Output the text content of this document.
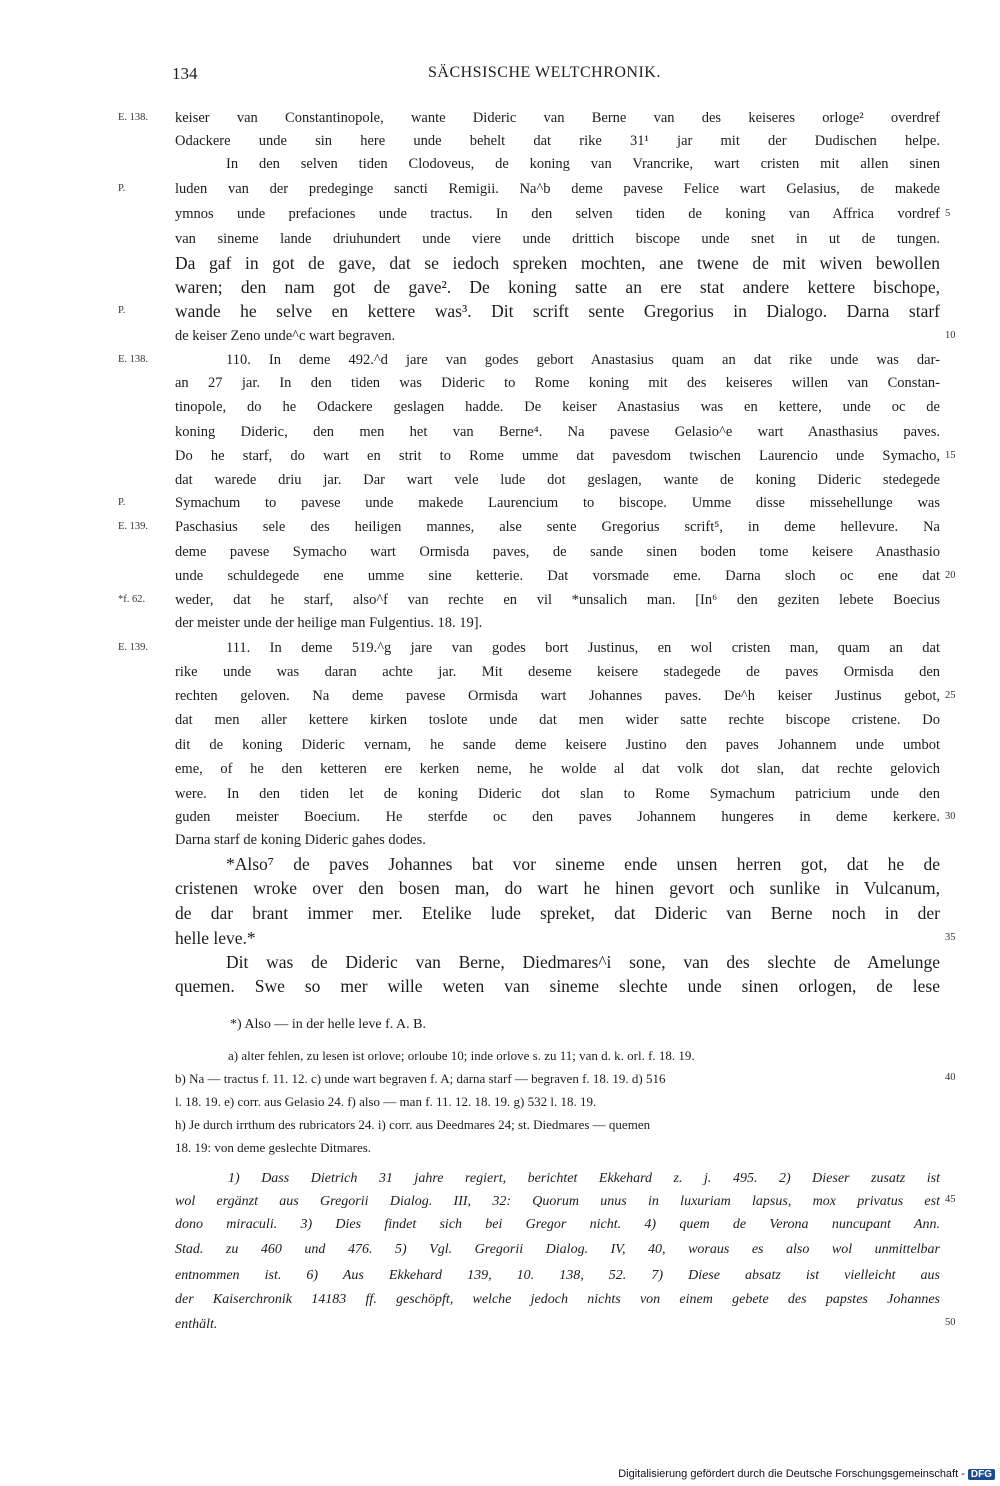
134	SÄCHSISCHE WELTCHRONIK.
E. 138.	keiser van Constantinopole, wante Dideric van Berne van des keiseres orloge² overdref
Odackere unde sin here unde behelt dat rike 31¹ jar mit der Dudischen helpe.
In den selven tiden Clodoveus, de koning van Vrancrike, wart cristen mit allen sinen
P.	luden van der predeginge sancti Remigii. Na^b deme pavese Felice wart Gelasius, de makede
ymnos unde prefaciones unde tractus. In den selven tiden de koning van Affrica vordref 5
van sineme lande driuhundert unde viere unde drittich biscope unde snet in ut de tungen.
Da gaf in got de gave, dat se iedoch spreken mochten, ane twene de mit wiven bewollen
waren; den nam got de gave². De koning satte an ere stat andere kettere bischope,
P.	wande he selve en kettere was³. Dit scrift sente Gregorius in Dialogo. Darna starf
de keiser Zeno unde^c wart begraven.	10
E. 138.	110. In deme 492.^d jare van godes gebort Anastasius quam an dat rike unde was dar-
an 27 jar. In den tiden was Dideric to Rome koning mit des keiseres willen van Constan-
tinopole, do he Odackere geslagen hadde. De keiser Anastasius was en kettere, unde oc de
koning Dideric, den men het van Berne⁴. Na pavese Gelasio^e wart Anasthasius paves.
Do he starf, do wart en strit to Rome umme dat pavesdom twischen Laurencio unde Symacho, 15
dat warede driu jar. Dar wart vele lude dot geslagen, wante de koning Dideric stedegede
P.	Symachum to pavese unde makede Laurencium to biscope. Umme disse missehellunge was
E. 139.	Paschasius sele des heiligen mannes, alse sente Gregorius scrift⁵, in deme hellevure. Na
deme pavese Symacho wart Ormisda paves, de sande sinen boden tome keisere Anasthasio
unde schuldegede ene umme sine ketterie. Dat vorsmade eme. Darna sloch oc ene dat 20
*f. 62.	weder, dat he starf, also^f van rechte en vil *unsalich man. [In⁶ den geziten lebete Boecius
der meister unde der heilige man Fulgentius. 18. 19].
E. 139.	111. In deme 519.^g jare van godes bort Justinus, en wol cristen man, quam an dat
rike unde was daran achte jar. Mit deseme keisere stadegede de paves Ormisda den
rechten geloven. Na deme pavese Ormisda wart Johannes paves. De^h keiser Justinus gebot, 25
dat men aller kettere kirken toslote unde dat men wider satte rechte biscope cristene. Do
dit de koning Dideric vernam, he sande deme keisere Justino den paves Johannem unde umbot
eme, of he den ketteren ere kerken neme, he wolde al dat volk dot slan, dat rechte gelovich
were. In den tiden let de koning Dideric dot slan to Rome Symachum patricium unde den
guden meister Boecium. He sterfde oc den paves Johannem hungeres in deme kerkere. 30
Darna starf de koning Dideric gahes dodes.
*Also⁷ de paves Johannes bat vor sineme ende unsen herren got, dat he de
cristenen wroke over den bosen man, do wart he hinen gevort och sunlike in Vulcanum,
de dar brant immer mer. Etelike lude spreket, dat Dideric van Berne noch in der
helle leve.*	35
Dit was de Dideric van Berne, Diedmares^i sone, van des slechte de Amelunge
quemen. Swe so mer wille weten van sineme slechte unde sinen orlogen, de lese
*) Also — in der helle leve f. A. B.
a) alter fehlen, zu lesen ist orlove; orloube 10; inde orlove s. zu 11; van d. k. orl. f. 18. 19.
b) Na — tractus f. 11. 12. c) unde wart begraven f. A; darna starf — begraven f. 18. 19. d) 516	40
l. 18. 19. e) corr. aus Gelasio 24. f) also — man f. 11. 12. 18. 19. g) 532 l. 18. 19.
h) Je durch irrthum des rubricators 24. i) corr. aus Deedmares 24; st. Diedmares — quemen
18. 19: von deme geslechte Ditmares.
1) Dass Dietrich 31 jahre regiert, berichtet Ekkehard z. j. 495. 2) Dieser zusatz ist
wol ergänzt aus Gregorii Dialog. III, 32: Quorum unus in luxuriam lapsus, mox privatus est 45
dono miraculi. 3) Dies findet sich bei Gregor nicht. 4) quem de Verona nuncupant Ann.
Stad. zu 460 und 476. 5) Vgl. Gregorii Dialog. IV, 40, woraus es also wol unmittelbar
entnommen ist. 6) Aus Ekkehard 139, 10. 138, 52. 7) Diese absatz ist vielleicht aus
der Kaiserchronik 14183 ff. geschöpft, welche jedoch nichts von einem gebete des papstes Johannes
enthält.	50
Digitalisierung gefördert durch die Deutsche Forschungsgemeinschaft - DFG
